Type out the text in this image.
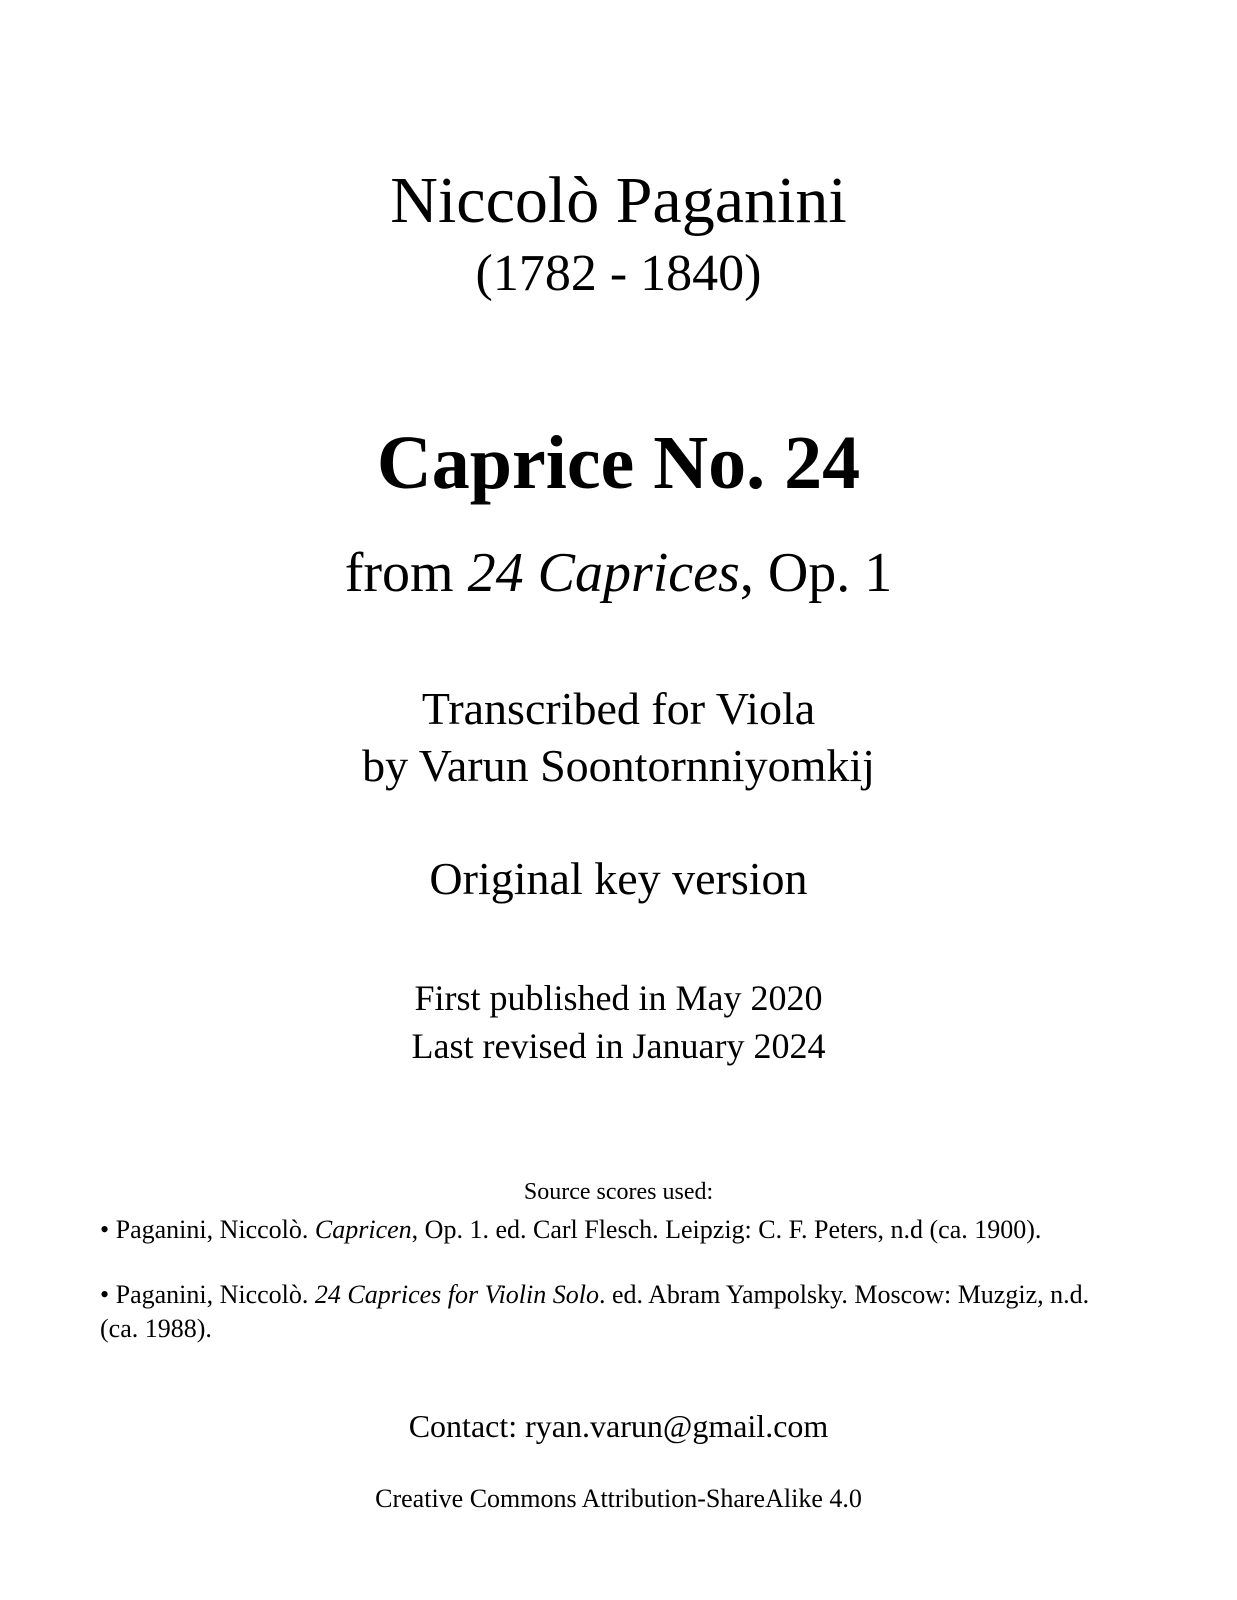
Niccolò Paganini
(1782 - 1840)
Caprice No. 24
from 24 Caprices, Op. 1
Transcribed for Viola
by Varun Soontornniyomkij
Original key version
First published in May 2020
Last revised in January 2024
Source scores used:
• Paganini, Niccolò. Capricen, Op. 1. ed. Carl Flesch. Leipzig: C. F. Peters, n.d (ca. 1900).
• Paganini, Niccolò. 24 Caprices for Violin Solo. ed. Abram Yampolsky. Moscow: Muzgiz, n.d. (ca. 1988).
Contact: ryan.varun@gmail.com
Creative Commons Attribution-ShareAlike 4.0
